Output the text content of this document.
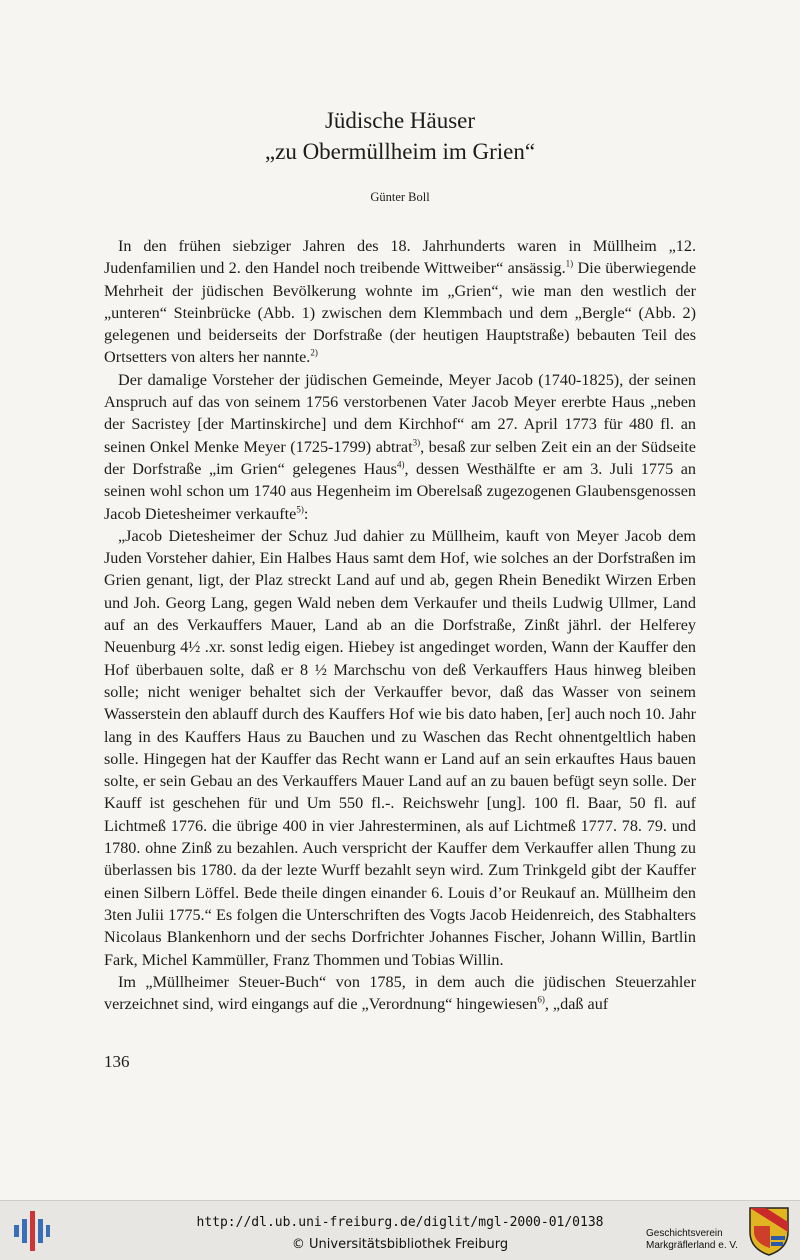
Jüdische Häuser
„zu Obermüllheim im Grien“
Günter Boll

In den frühen siebziger Jahren des 18. Jahrhunderts waren in Müllheim „12. Judenfamilien und 2. den Handel noch treibende Wittweiber“ ansässig.$^{1)}$ Die überwiegende Mehrheit der jüdischen Bevölkerung wohnte im „Grien“, wie man den westlich der „unteren“ Steinbrücke (Abb. 1) zwischen dem Klemmbach und dem „Bergle“ (Abb. 2) gelegenen und beiderseits der Dorfstraße (der heutigen Hauptstraße) bebauten Teil des Ortsetters von alters her nannte.$^{2)}$

Der damalige Vorsteher der jüdischen Gemeinde, Meyer Jacob (1740-1825), der seinen Anspruch auf das von seinem 1756 verstorbenen Vater Jacob Meyer ererbte Haus „neben der Sacristey [der Martinskirche] und dem Kirchhof“ am 27. April 1773 für 480 fl. an seinen Onkel Menke Meyer (1725-1799) abtrat$^{3)}$, besaß zur selben Zeit ein an der Südseite der Dorfstraße „im Grien“ gelegenes Haus$^{4)}$, dessen Westhälfte er am 3. Juli 1775 an seinen wohl schon um 1740 aus Hegenheim im Oberelsaß zugezogenen Glaubensgenossen Jacob Dietesheimer verkaufte$^{5)}$:

„Jacob Dietesheimer der Schuz Jud dahier zu Müllheim, kauft von Meyer Jacob dem Juden Vorsteher dahier, Ein Halbes Haus samt dem Hof, wie solches an der Dorfstraßen im Grien genant, ligt, der Plaz streckt Land auf und ab, gegen Rhein Benedikt Wirzen Erben und Joh. Georg Lang, gegen Wald neben dem Verkaufer und theils Ludwig Ullmer, Land auf an des Verkauffers Mauer, Land ab an die Dorfstraße, Zinßt jährl. der Helferey Neuenburg 4½ .xr. sonst ledig eigen. Hiebey ist angedinget worden, Wann der Kauffer den Hof überbauen solte, daß er 8 ½ Marchschu von deß Verkauffers Haus hinweg bleiben solle; nicht weniger behaltet sich der Verkauffer bevor, daß das Wasser von seinem Wasserstein den ablauff durch des Kauffers Hof wie bis dato haben, [er] auch noch 10. Jahr lang in des Kauffers Haus zu Bauchen und zu Waschen das Recht ohnentgeltlich haben solle. Hingegen hat der Kauffer das Recht wann er Land auf an sein erkauftes Haus bauen solte, er sein Gebau an des Verkauffers Mauer Land auf an zu bauen befügt seyn solle. Der Kauff ist geschehen für und Um 550 fl.-. Reichswehr [ung]. 100 fl. Baar, 50 fl. auf Lichtmeß 1776. die übrige 400 in vier Jahresterminen, als auf Lichtmeß 1777. 78. 79. und 1780. ohne Zinß zu bezahlen. Auch verspricht der Kauffer dem Verkauffer allen Thung zu überlassen bis 1780. da der lezte Wurff bezahlt seyn wird. Zum Trinkgeld gibt der Kauffer einen Silbern Löffel. Bede theile dingen einander 6. Louis d’or Reukauf an. Müllheim den 3ten Julii 1775.“ Es folgen die Unterschriften des Vogts Jacob Heidenreich, des Stabhalters Nicolaus Blankenhorn und der sechs Dorfrichter Johannes Fischer, Johann Willin, Bartlin Fark, Michel Kammüller, Franz Thommen und Tobias Willin.

Im „Müllheimer Steuer-Buch“ von 1785, in dem auch die jüdischen Steuerzahler verzeichnet sind, wird eingangs auf die „Verordnung“ hingewiesen$^{6)}$, „daß auf

136
http://dl.ub.uni-freiburg.de/diglit/mgl-2000-01/0138
© Universitätsbibliothek Freiburg
Geschichtsverein
Markgräflerland e. V.
